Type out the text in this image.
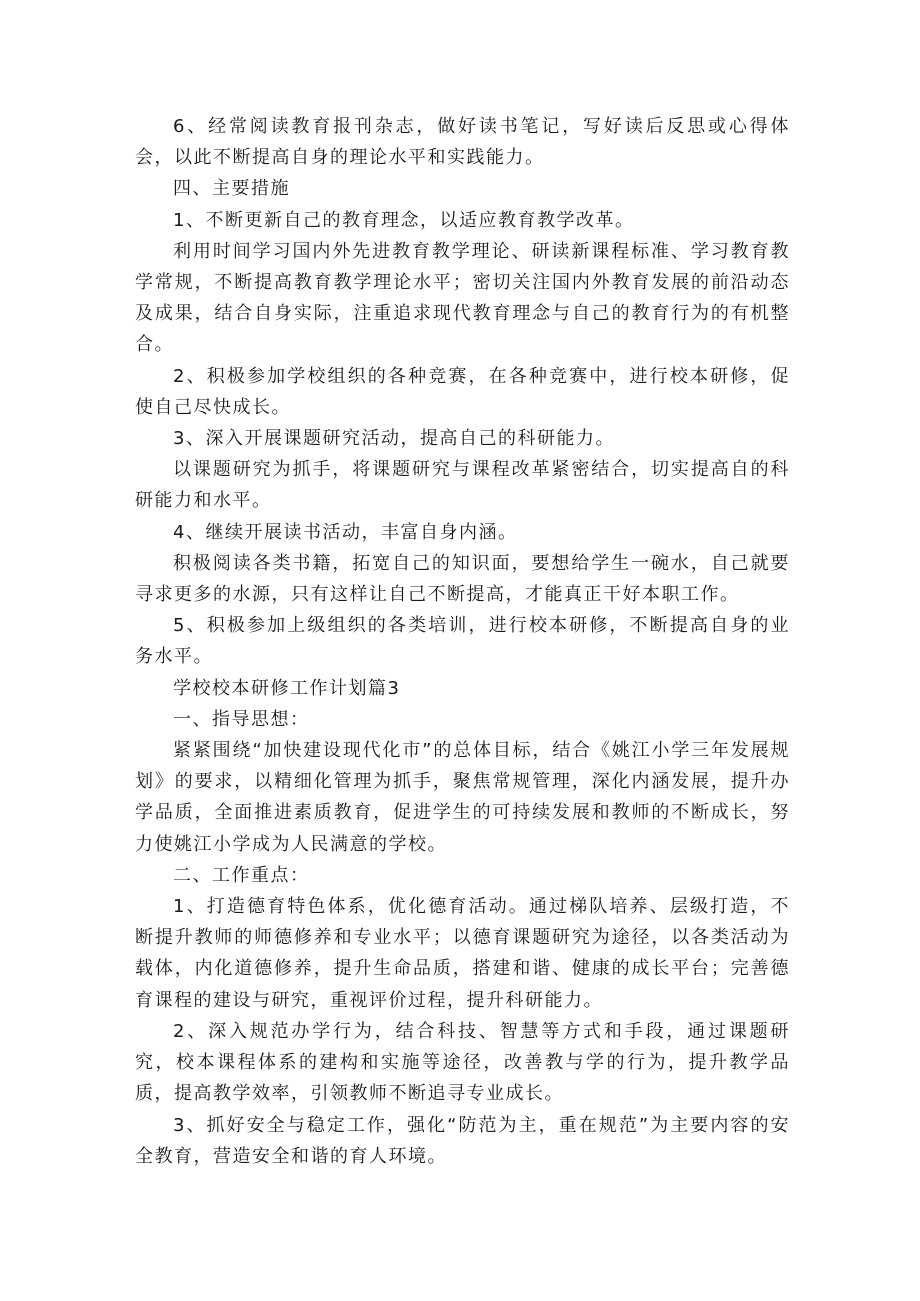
6、经常阅读教育报刊杂志，做好读书笔记，写好读后反思或心得体会，以此不断提高自身的理论水平和实践能力。

四、主要措施

1、不断更新自己的教育理念，以适应教育教学改革。

利用时间学习国内外先进教育教学理论、研读新课程标准、学习教育教学常规，不断提高教育教学理论水平；密切关注国内外教育发展的前沿动态及成果，结合自身实际，注重追求现代教育理念与自己的教育行为的有机整合。

2、积极参加学校组织的各种竞赛，在各种竞赛中，进行校本研修，促使自己尽快成长。

3、深入开展课题研究活动，提高自己的科研能力。

以课题研究为抓手，将课题研究与课程改革紧密结合，切实提高自的科研能力和水平。

4、继续开展读书活动，丰富自身内涵。

积极阅读各类书籍，拓宽自己的知识面，要想给学生一碗水，自己就要寻求更多的水源，只有这样让自己不断提高，才能真正干好本职工作。

5、积极参加上级组织的各类培训，进行校本研修，不断提高自身的业务水平。

学校校本研修工作计划篇3

一、指导思想：

紧紧围绕“加快建设现代化市”的总体目标，结合《姚江小学三年发展规划》的要求，以精细化管理为抓手，聚焦常规管理，深化内涵发展，提升办学品质，全面推进素质教育，促进学生的可持续发展和教师的不断成长，努力使姚江小学成为人民满意的学校。

二、工作重点：

1、打造德育特色体系，优化德育活动。通过梯队培养、层级打造，不断提升教师的师德修养和专业水平；以德育课题研究为途径，以各类活动为载体，内化道德修养，提升生命品质，搭建和谐、健康的成长平台；完善德育课程的建设与研究，重视评价过程，提升科研能力。

2、深入规范办学行为，结合科技、智慧等方式和手段，通过课题研究，校本课程体系的建构和实施等途径，改善教与学的行为，提升教学品质，提高教学效率，引领教师不断追寻专业成长。

3、抓好安全与稳定工作，强化“防范为主，重在规范”为主要内容的安全教育，营造安全和谐的育人环境。
